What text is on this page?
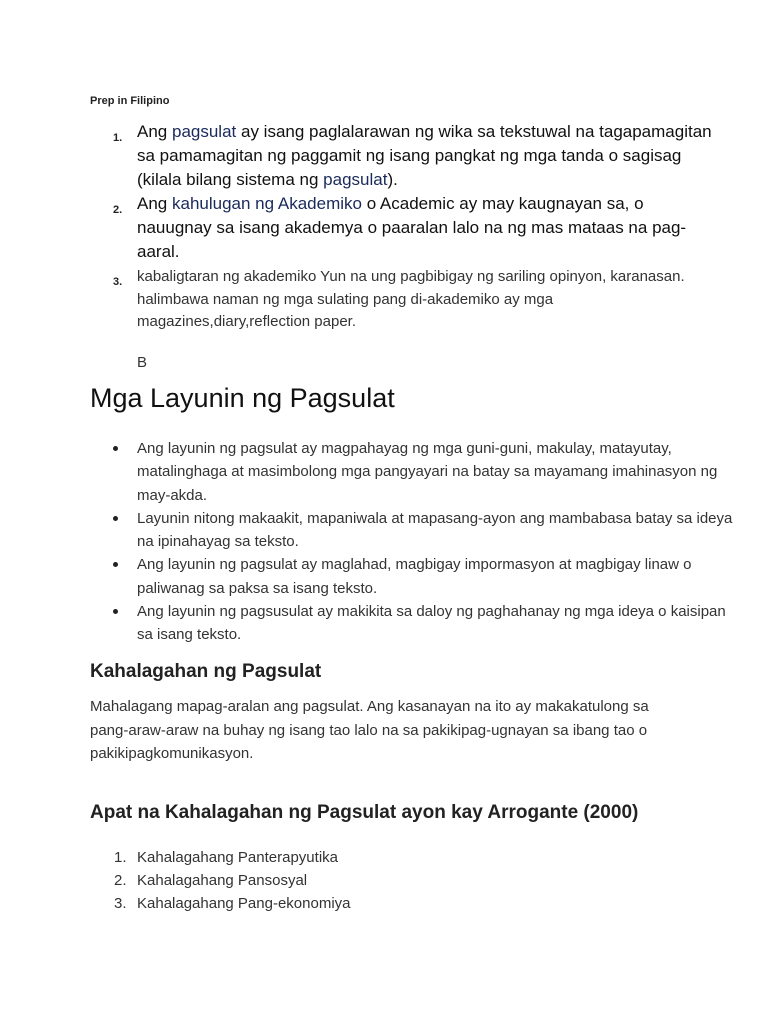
Prep in Filipino
1. Ang pagsulat ay isang paglalarawan ng wika sa tekstuwal na tagapamagitan sa pamamagitan ng paggamit ng isang pangkat ng mga tanda o sagisag (kilala bilang sistema ng pagsulat).
2. Ang kahulugan ng Akademiko o Academic ay may kaugnayan sa, o nauugnay sa isang akademya o paaralan lalo na ng mas mataas na pag-aaral.
3. kabaligtaran ng akademiko Yun na ung pagbibigay ng sariling opinyon, karanasan. halimbawa naman ng mga sulating pang di-akademiko ay mga magazines,diary,reflection paper.
B
Mga Layunin ng Pagsulat
Ang layunin ng pagsulat ay magpahayag ng mga guni-guni, makulay, matayutay, matalinghaga at masimbolong mga pangyayari na batay sa mayamang imahinasyon ng may-akda.
Layunin nitong makaakit, mapaniwala at mapasang-ayon ang mambabasa batay sa ideya na ipinahayag sa teksto.
Ang layunin ng pagsulat ay maglahad, magbigay impormasyon at magbigay linaw o paliwanag sa paksa sa isang teksto.
Ang layunin ng pagsusulat ay makikita sa daloy ng paghahanay ng mga ideya o kaisipan sa isang teksto.
Kahalagahan ng Pagsulat

Mahalagang mapag-aralan ang pagsulat. Ang kasanayan na ito ay makakatulong sa pang-araw-araw na buhay ng isang tao lalo na sa pakikipag-ugnayan sa ibang tao o pakikipagkomunikasyon.

Apat na Kahalagahan ng Pagsulat ayon kay Arrogante (2000)
1. Kahalagahang Panterapyutika
2. Kahalagahang Pansosyal
3. Kahalagahang Pang-ekonomiya
